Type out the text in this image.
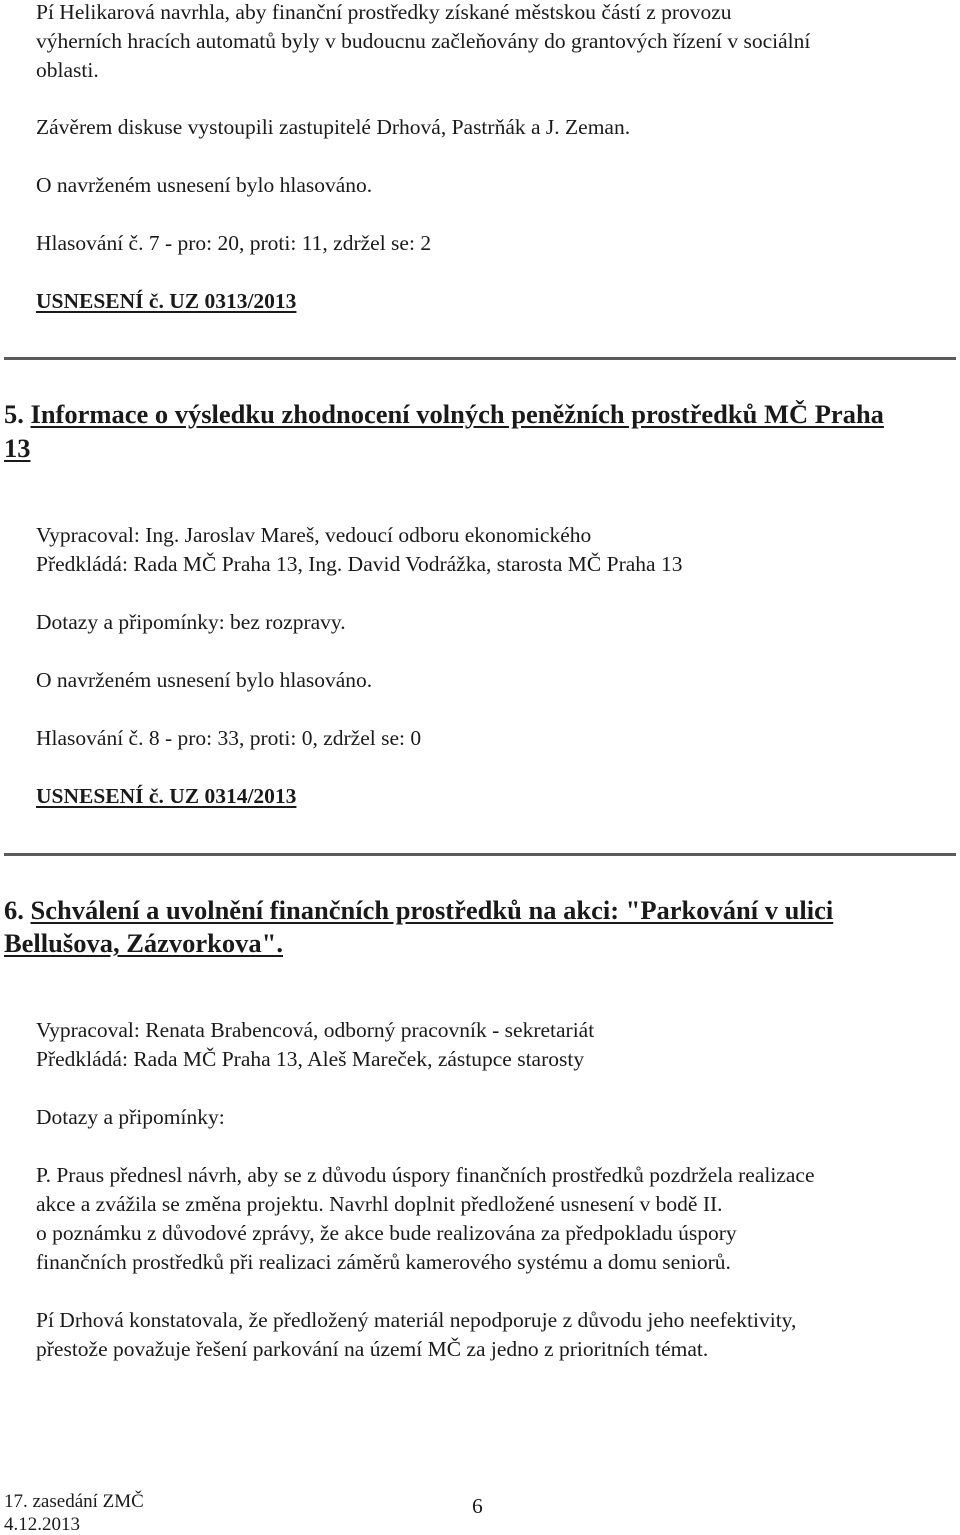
Pí Helikarová navrhla, aby finanční prostředky získané městskou částí z provozu
výherních hracích automatů byly v budoucnu začleňovány do grantových řízení v sociální
oblasti.
Závěrem diskuse vystoupili zastupitelé Drhová, Pastrňák a J. Zeman.
O navrženém usnesení bylo hlasováno.
Hlasování č. 7 - pro: 20, proti: 11, zdržel se: 2
USNESENÍ č. UZ 0313/2013
5. Informace o výsledku zhodnocení volných peněžních prostředků MČ Praha
13
Vypracoval: Ing. Jaroslav Mareš, vedoucí odboru ekonomického
Předkládá: Rada MČ Praha 13, Ing. David Vodrážka, starosta MČ Praha 13
Dotazy a připomínky: bez rozpravy.
O navrženém usnesení bylo hlasováno.
Hlasování č. 8 - pro: 33, proti: 0, zdržel se: 0
USNESENÍ č. UZ 0314/2013
6. Schválení a uvolnění finančních prostředků na akci: "Parkování v ulici
Bellušova, Zázvorkova".
Vypracoval: Renata Brabencová, odborný pracovník - sekretariát
Předkládá: Rada MČ Praha 13, Aleš Mareček, zástupce starosty
Dotazy a připomínky:
P. Praus přednesl návrh, aby se z důvodu úspory finančních prostředků pozdržela realizace
akce a zvážila se změna projektu. Navrhl doplnit předložené usnesení v bodě II.
o poznámku z důvodové zprávy, že akce bude realizována za předpokladu úspory
finančních prostředků při realizaci záměrů kamerového systému a domu seniorů.
Pí Drhová konstatovala, že předložený materiál nepodporuje z důvodu jeho neefektivity,
přestože považuje řešení parkování na území MČ za jedno z prioritních témat.
17. zasedání ZMČ
4.12.2013
6
